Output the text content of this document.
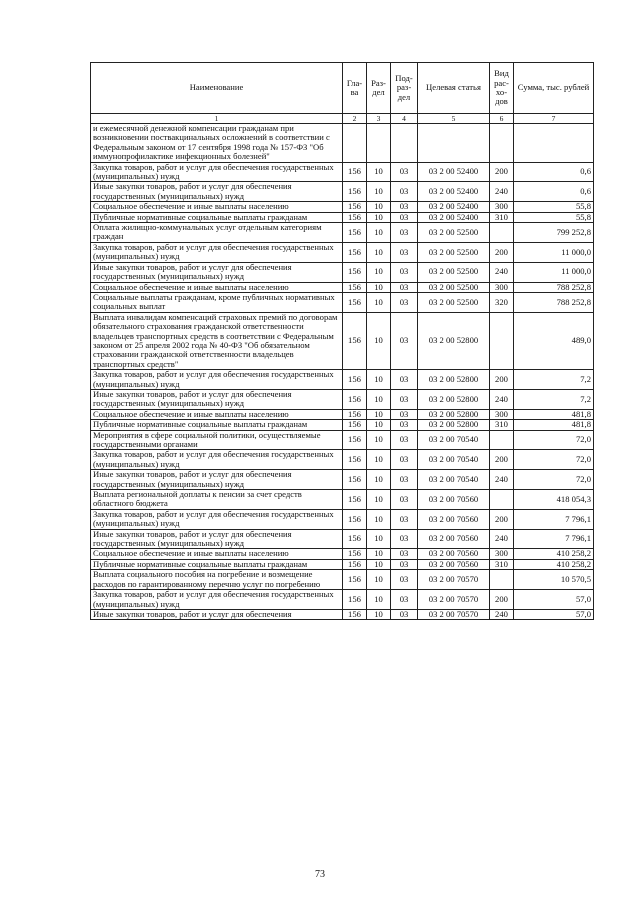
Наименование	Гла-ва	Раз-дел	Под-раз-дел	Целевая статья	Вид рас-хо-дов	Сумма, тыс. рублей
1	2	3	4	5	6	7
и ежемесячной денежной компенсации гражданам при возникновении поствакцинальных осложнений в соответствии с Федеральным законом от 17 сентября 1998 года № 157-ФЗ "Об иммунопрофилактике инфекционных болезней"						
Закупка товаров, работ и услуг для обеспечения государственных (муниципальных) нужд	156	10	03	03 2 00 52400	200	0,6
Иные закупки товаров, работ и услуг для обеспечения государственных (муниципальных) нужд	156	10	03	03 2 00 52400	240	0,6
Социальное обеспечение и иные выплаты населению	156	10	03	03 2 00 52400	300	55,8
Публичные нормативные социальные выплаты гражданам	156	10	03	03 2 00 52400	310	55,8
Оплата жилищно-коммунальных услуг отдельным категориям граждан	156	10	03	03 2 00 52500		799 252,8
Закупка товаров, работ и услуг для обеспечения государственных (муниципальных) нужд	156	10	03	03 2 00 52500	200	11 000,0
Иные закупки товаров, работ и услуг для обеспечения государственных (муниципальных) нужд	156	10	03	03 2 00 52500	240	11 000,0
Социальное обеспечение и иные выплаты населению	156	10	03	03 2 00 52500	300	788 252,8
Социальные выплаты гражданам, кроме публичных нормативных социальных выплат	156	10	03	03 2 00 52500	320	788 252,8
Выплата инвалидам компенсаций страховых премий по договорам обязательного страхования гражданской ответственности владельцев транспортных средств в соответствии с Федеральным законом от 25 апреля 2002 года № 40-ФЗ "Об обязательном страховании гражданской ответственности владельцев транспортных средств"	156	10	03	03 2 00 52800		489,0
Закупка товаров, работ и услуг для обеспечения государственных (муниципальных) нужд	156	10	03	03 2 00 52800	200	7,2
Иные закупки товаров, работ и услуг для обеспечения государственных (муниципальных) нужд	156	10	03	03 2 00 52800	240	7,2
Социальное обеспечение и иные выплаты населению	156	10	03	03 2 00 52800	300	481,8
Публичные нормативные социальные выплаты гражданам	156	10	03	03 2 00 52800	310	481,8
Мероприятия в сфере социальной политики, осуществляемые государственными органами	156	10	03	03 2 00 70540		72,0
Закупка товаров, работ и услуг для обеспечения государственных (муниципальных) нужд	156	10	03	03 2 00 70540	200	72,0
Иные закупки товаров, работ и услуг для обеспечения государственных (муниципальных) нужд	156	10	03	03 2 00 70540	240	72,0
Выплата региональной доплаты к пенсии за счет средств областного бюджета	156	10	03	03 2 00 70560		418 054,3
Закупка товаров, работ и услуг для обеспечения государственных (муниципальных) нужд	156	10	03	03 2 00 70560	200	7 796,1
Иные закупки товаров, работ и услуг для обеспечения государственных (муниципальных) нужд	156	10	03	03 2 00 70560	240	7 796,1
Социальное обеспечение и иные выплаты населению	156	10	03	03 2 00 70560	300	410 258,2
Публичные нормативные социальные выплаты гражданам	156	10	03	03 2 00 70560	310	410 258,2
Выплата социального пособия на погребение и возмещение расходов по гарантированному перечню услуг по погребению	156	10	03	03 2 00 70570		10 570,5
Закупка товаров, работ и услуг для обеспечения государственных (муниципальных) нужд	156	10	03	03 2 00 70570	200	57,0
Иные закупки товаров, работ и услуг для обеспечения	156	10	03	03 2 00 70570	240	57,0
73
